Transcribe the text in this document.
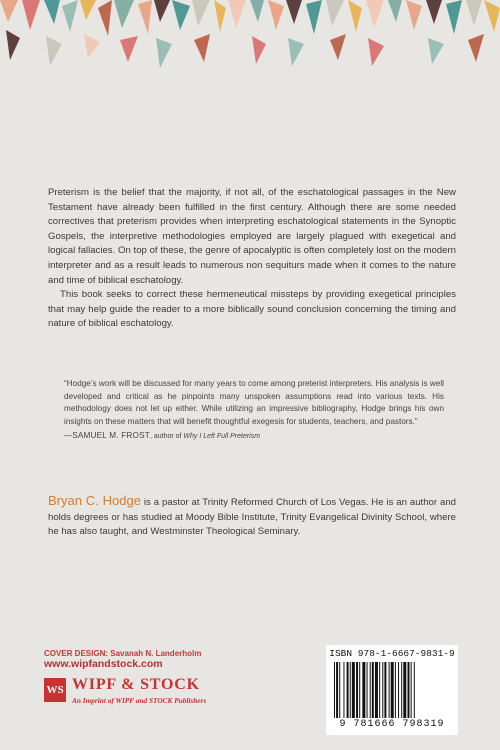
Preterism is the belief that the majority, if not all, of the eschatological passages in the New Testament have already been fulfilled in the first century. Although there are some needed correctives that preterism provides when interpreting eschatological statements in the Synoptic Gospels, the interpretive methodologies employed are largely plagued with exegetical and logical fallacies. On top of these, the genre of apocalyptic is often completely lost on the modern interpreter and as a result leads to numerous non sequiturs made when it comes to the nature and time of biblical eschatology.

This book seeks to correct these hermeneutical missteps by providing exegetical principles that may help guide the reader to a more biblically sound conclusion concerning the timing and nature of biblical eschatology.

“Hodge’s work will be discussed for many years to come among preterist interpreters. His analysis is well developed and critical as he pinpoints many unspoken assumptions read into various texts. His methodology does not let up either. While utilizing an impressive bibliography, Hodge brings his own insights on these matters that will benefit thoughtful exegesis for students, teachers, and pastors.”
—SAMUEL M. FROST, author of Why I Left Full Preterism
Bryan C. Hodge is a pastor at Trinity Reformed Church of Los Vegas. He is an author and holds degrees or has studied at Moody Bible Institute, Trinity Evangelical Divinity School, where he has also taught, and Westminster Theological Seminary.
COVER DESIGN: Savanah N. Landerholm
www.wipfandstock.com
WS WIPF & STOCK
An Imprint of WIPF and STOCK Publishers
ISBN 978-1-6667-9831-9
9 781666 798319
